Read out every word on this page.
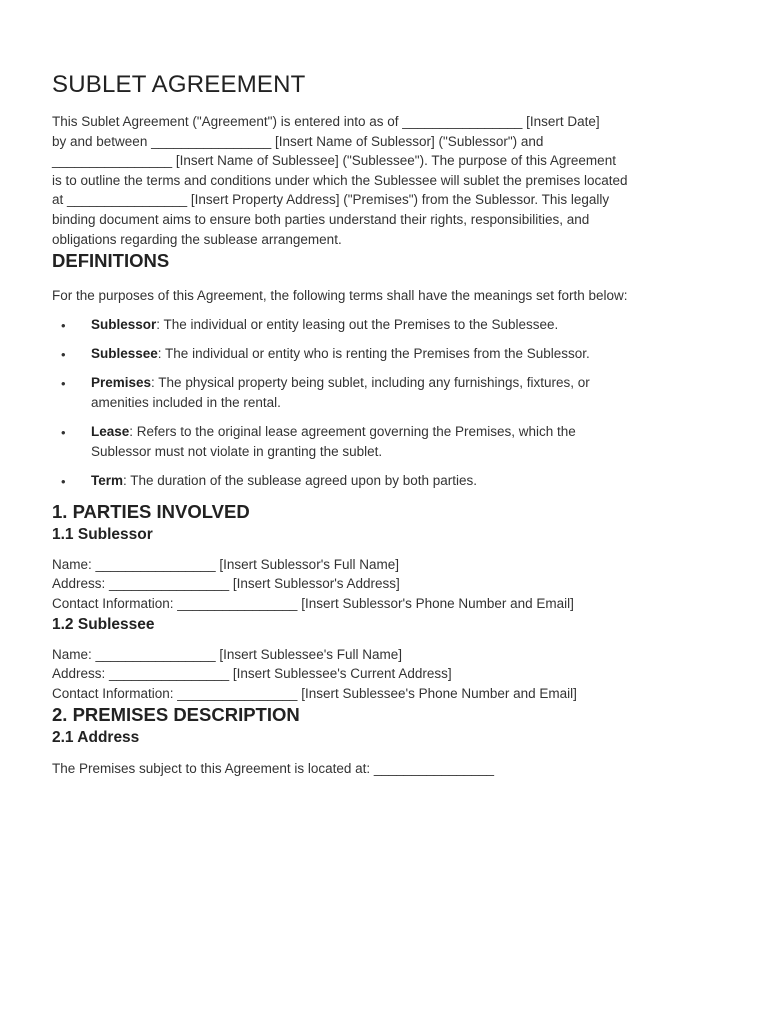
SUBLET AGREEMENT

This Sublet Agreement ("Agreement") is entered into as of ________________ [Insert Date]
by and between ________________ [Insert Name of Sublessor] ("Sublessor") and
________________ [Insert Name of Sublessee] ("Sublessee"). The purpose of this Agreement
is to outline the terms and conditions under which the Sublessee will sublet the premises located
at ________________ [Insert Property Address] ("Premises") from the Sublessor. This legally
binding document aims to ensure both parties understand their rights, responsibilities, and
obligations regarding the sublease arrangement.

DEFINITIONS

For the purposes of this Agreement, the following terms shall have the meanings set forth below:

• Sublessor: The individual or entity leasing out the Premises to the Sublessee.
• Sublessee: The individual or entity who is renting the Premises from the Sublessor.
• Premises: The physical property being sublet, including any furnishings, fixtures, or
amenities included in the rental.
• Lease: Refers to the original lease agreement governing the Premises, which the
Sublessor must not violate in granting the sublet.
• Term: The duration of the sublease agreed upon by both parties.
1. PARTIES INVOLVED
1.1 Sublessor

Name: ________________ [Insert Sublessor's Full Name]
Address: ________________ [Insert Sublessor's Address]
Contact Information: ________________ [Insert Sublessor's Phone Number and Email]

1.2 Sublessee

Name: ________________ [Insert Sublessee's Full Name]
Address: ________________ [Insert Sublessee's Current Address]
Contact Information: ________________ [Insert Sublessee's Phone Number and Email]

2. PREMISES DESCRIPTION
2.1 Address

The Premises subject to this Agreement is located at: ________________
